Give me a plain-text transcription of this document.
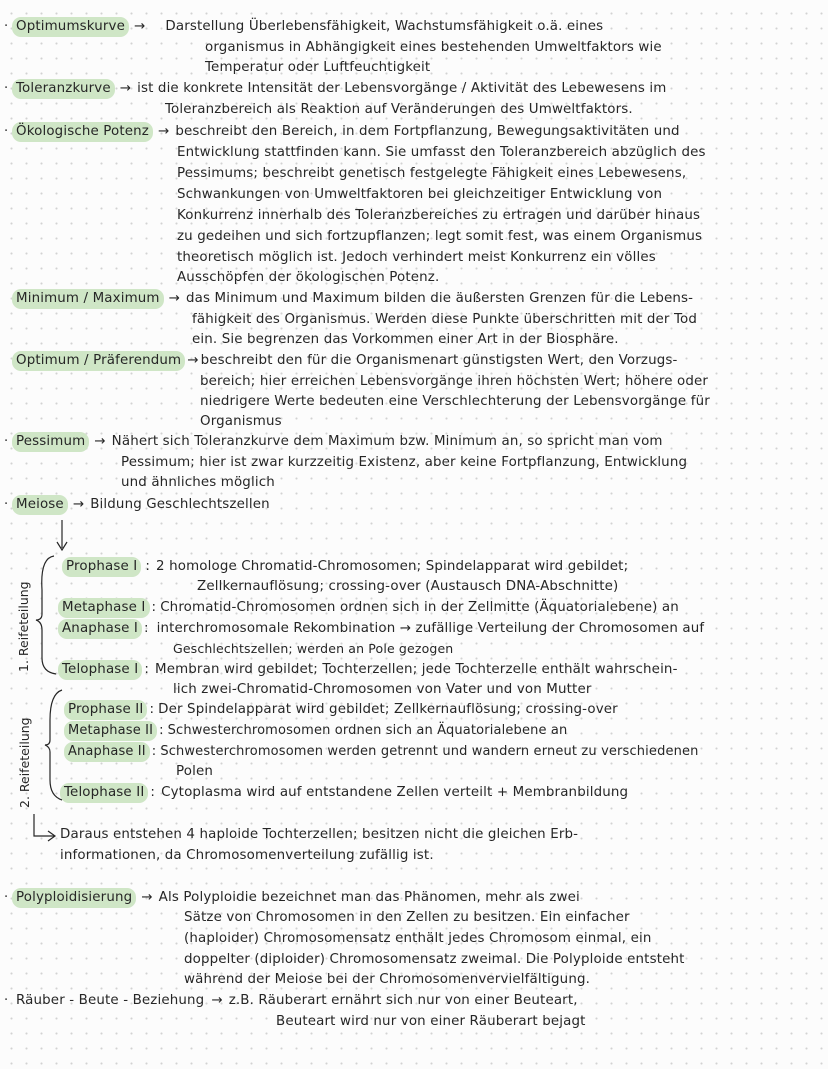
· Optimumskurve → Darstellung Überlebensfähigkeit, Wachstumsfähigkeit o.ä. eines
organismus in Abhängigkeit eines bestehenden Umweltfaktors wie
Temperatur oder Luftfeuchtigkeit
· Toleranzkurve → ist die konkrete Intensität der Lebensvorgänge / Aktivität des Lebewesens im
Toleranzbereich als Reaktion auf Veränderungen des Umweltfaktors.
· Ökologische Potenz → beschreibt den Bereich, in dem Fortpflanzung, Bewegungsaktivitäten und
Entwicklung stattfinden kann. Sie umfasst den Toleranzbereich abzüglich des
Pessimums; beschreibt genetisch festgelegte Fähigkeit eines Lebewesens,
Schwankungen von Umweltfaktoren bei gleichzeitiger Entwicklung von
Konkurrenz innerhalb des Toleranzbereiches zu ertragen und darüber hinaus
zu gedeihen und sich fortzupflanzen; legt somit fest, was einem Organismus
theoretisch möglich ist. Jedoch verhindert meist Konkurrenz ein völles
Ausschöpfen der ökologischen Potenz.
Minimum / Maximum → das Minimum und Maximum bilden die äußersten Grenzen für die Lebens-
fähigkeit des Organismus. Werden diese Punkte überschritten mit der Tod
ein. Sie begrenzen das Vorkommen einer Art in der Biosphäre.
Optimum / Präferendum → beschreibt den für die Organismenart günstigsten Wert, den Vorzugs-
bereich; hier erreichen Lebensvorgänge ihren höchsten Wert; höhere oder
niedrigere Werte bedeuten eine Verschlechterung der Lebensvorgänge für
Organismus
· Pessimum → Nähert sich Toleranzkurve dem Maximum bzw. Minimum an, so spricht man vom
Pessimum; hier ist zwar kurzzeitig Existenz, aber keine Fortpflanzung, Entwicklung
und ähnliches möglich
· Meiose → Bildung Geschlechtszellen
1. Reifeteilung
Prophase I : 2 homologe Chromatid-Chromosomen; Spindelapparat wird gebildet;
Zellkernauflösung; crossing-over (Austausch DNA-Abschnitte)
Metaphase I : Chromatid-Chromosomen ordnen sich in der Zellmitte (Äquatorialebene) an
Anaphase I : interchromosomale Rekombination → zufällige Verteilung der Chromosomen auf
Geschlechtszellen; werden an Pole gezogen
Telophase I : Membran wird gebildet; Tochterzellen; jede Tochterzelle enthält wahrschein-
lich zwei-Chromatid-Chromosomen von Vater und von Mutter
2. Reifeteilung
Prophase II : Der Spindelapparat wird gebildet; Zellkernauflösung; crossing-over
Metaphase II : Schwesterchromosomen ordnen sich an Äquatorialebene an
Anaphase II : Schwesterchromosomen werden getrennt und wandern erneut zu verschiedenen
Polen
Telophase II : Cytoplasma wird auf entstandene Zellen verteilt + Membranbildung
Daraus entstehen 4 haploide Tochterzellen; besitzen nicht die gleichen Erb-
informationen, da Chromosomenverteilung zufällig ist.
· Polyploidisierung → Als Polyploidie bezeichnet man das Phänomen, mehr als zwei
Sätze von Chromosomen in den Zellen zu besitzen. Ein einfacher
(haploider) Chromosomensatz enthält jedes Chromosom einmal, ein
doppelter (diploider) Chromosomensatz zweimal. Die Polyploide entsteht
während der Meiose bei der Chromosomenvervielfältigung.
· Räuber - Beute - Beziehung → z.B. Räuberart ernährt sich nur von einer Beuteart,
Beuteart wird nur von einer Räuberart bejagt
